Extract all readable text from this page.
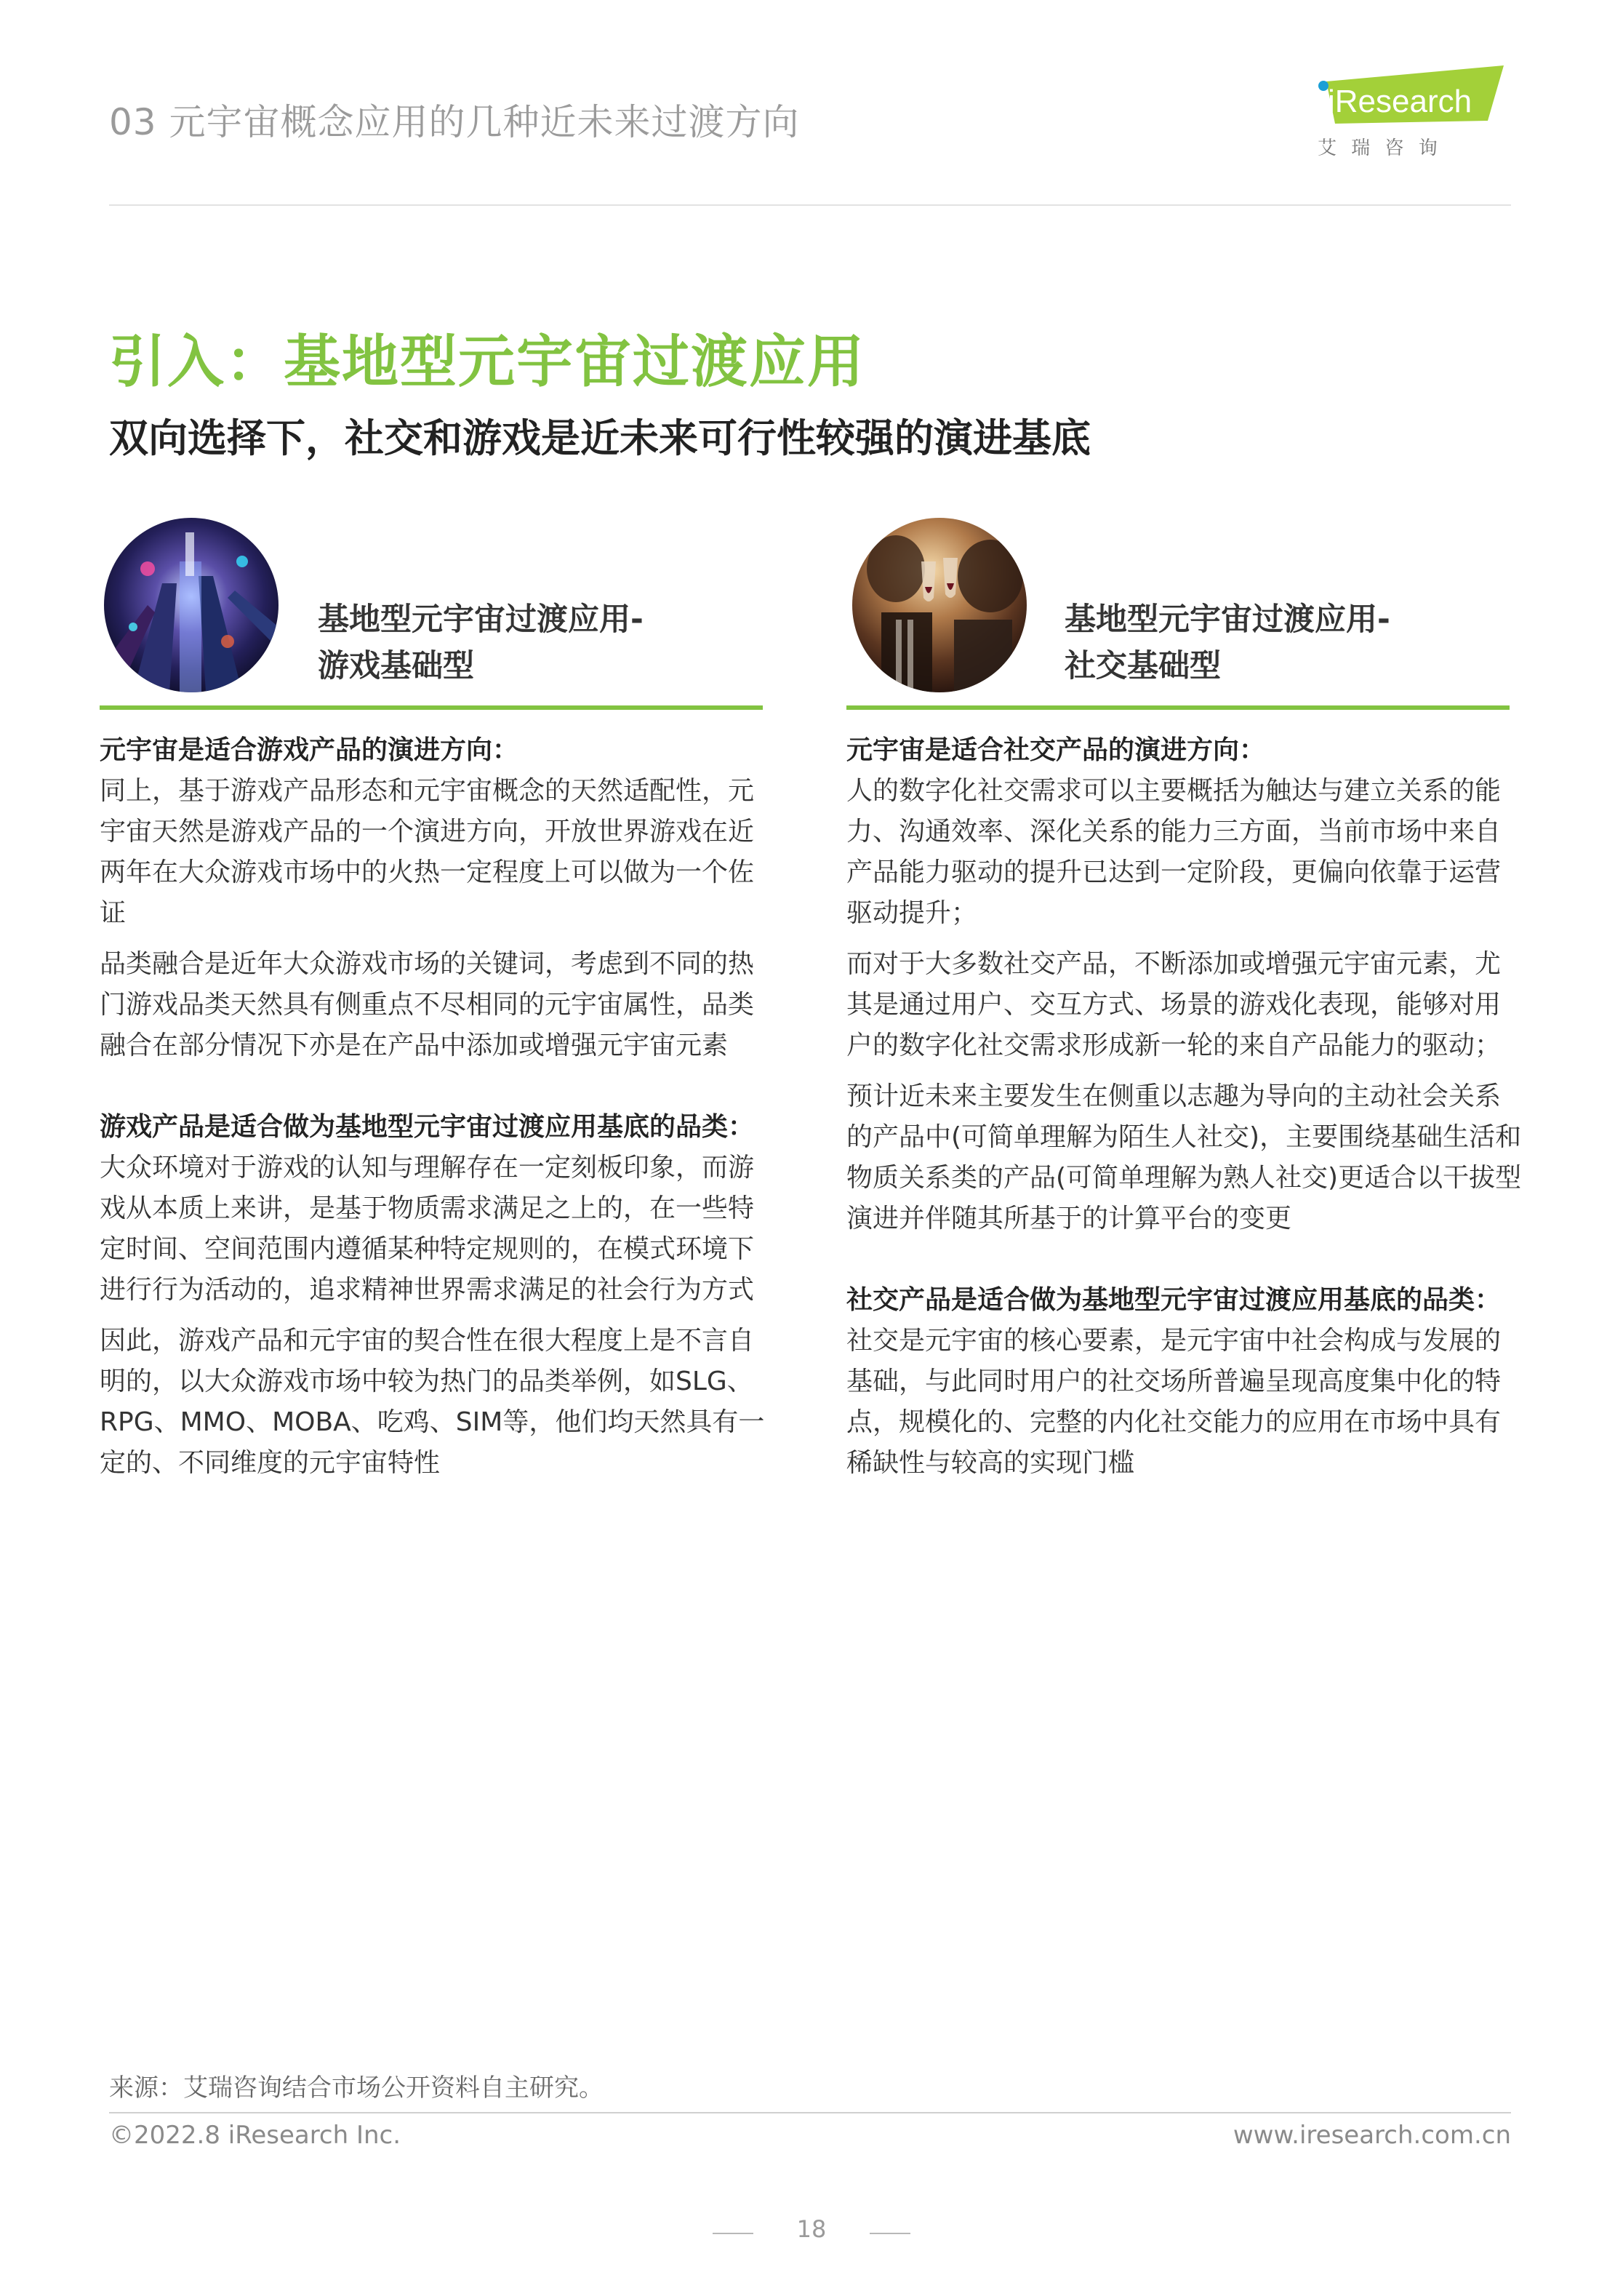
03 元宇宙概念应用的几种近未来过渡方向	iResearch
艾 瑞 咨 询
引入：基地型元宇宙过渡应用
双向选择下，社交和游戏是近未来可行性较强的演进基底
基地型元宇宙过渡应用-
游戏基础型
元宇宙是适合游戏产品的演进方向：
同上，基于游戏产品形态和元宇宙概念的天然适配性，元宇宙天然是游戏产品的一个演进方向，开放世界游戏在近两年在大众游戏市场中的火热一定程度上可以做为一个佐证
品类融合是近年大众游戏市场的关键词，考虑到不同的热门游戏品类天然具有侧重点不尽相同的元宇宙属性，品类融合在部分情况下亦是在产品中添加或增强元宇宙元素
游戏产品是适合做为基地型元宇宙过渡应用基底的品类：
大众环境对于游戏的认知与理解存在一定刻板印象，而游戏从本质上来讲，是基于物质需求满足之上的，在一些特定时间、空间范围内遵循某种特定规则的，在模式环境下进行行为活动的，追求精神世界需求满足的社会行为方式
因此，游戏产品和元宇宙的契合性在很大程度上是不言自明的，以大众游戏市场中较为热门的品类举例，如SLG、RPG、MMO、MOBA、吃鸡、SIM等，他们均天然具有一定的、不同维度的元宇宙特性
基地型元宇宙过渡应用-
社交基础型
元宇宙是适合社交产品的演进方向：
人的数字化社交需求可以主要概括为触达与建立关系的能力、沟通效率、深化关系的能力三方面，当前市场中来自产品能力驱动的提升已达到一定阶段，更偏向依靠于运营驱动提升；
而对于大多数社交产品，不断添加或增强元宇宙元素，尤其是通过用户、交互方式、场景的游戏化表现，能够对用户的数字化社交需求形成新一轮的来自产品能力的驱动；
预计近未来主要发生在侧重以志趣为导向的主动社会关系的产品中(可简单理解为陌生人社交)，主要围绕基础生活和物质关系类的产品(可简单理解为熟人社交)更适合以干拔型演进并伴随其所基于的计算平台的变更
社交产品是适合做为基地型元宇宙过渡应用基底的品类：
社交是元宇宙的核心要素，是元宇宙中社会构成与发展的基础，与此同时用户的社交场所普遍呈现高度集中化的特点，规模化的、完整的内化社交能力的应用在市场中具有稀缺性与较高的实现门槛
来源：艾瑞咨询结合市场公开资料自主研究。
©2022.8 iResearch Inc.	www.iresearch.com.cn
18
